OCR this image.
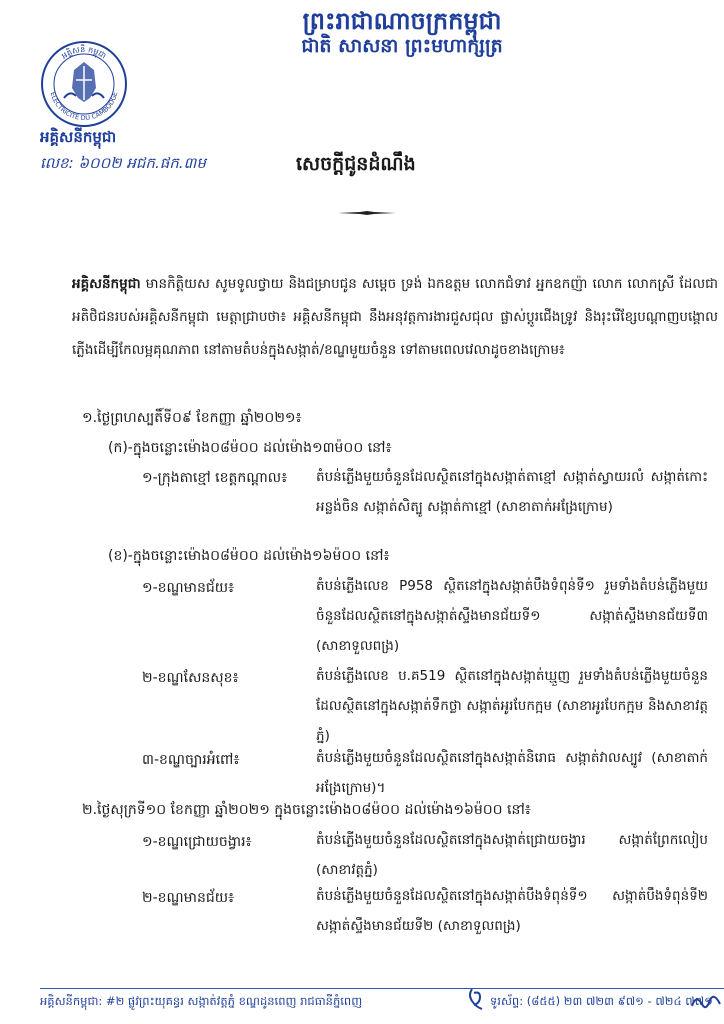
ព្រះរាជាណាចក្រកម្ពុជា
ជាតិ សាសនា ព្រះមហាក្សត្រ
អគ្គិសនី កម្ពុជា
ELECTRICITE DU CAMBODGE
អគ្គិសនីកម្ពុជា
លេខ: ៦០០២ អជក.ផក.៣ម	សេចក្តីជូនដំណឹង
អគ្គិសនីកម្ពុជា មានកិត្តិយស សូមទូលថ្វាយ និងជម្រាបជូន សម្តេច ទ្រង់ ឯកឧត្តម លោកជំទាវ អ្នកឧកញ៉ា លោក លោកស្រី ដែលជាអតិថិជនរបស់អគ្គិសនីកម្ពុជា មេត្តាជ្រាបថា៖ អគ្គិសនីកម្ពុជា នឹងអនុវត្តការងារជួសជុល ផ្លាស់ប្តូរជើងទ្រូវ និងរុះរើខ្សែបណ្តាញបង្គោលភ្លើងដើម្បីកែលម្អគុណភាព នៅតាមតំបន់ក្នុងសង្កាត់/ខណ្ឌមួយចំនួន ទៅតាមពេលវេលាដូចខាងក្រោម៖
១.ថ្ងៃព្រហស្បតិ៍ទី០៩ ខែកញ្ញា ឆ្នាំ២០២១៖
(ក)-ក្នុងចន្លោះម៉ោង០៨ម៉០០ ដល់ម៉ោង១៣ម៉០០ នៅ៖
១-ក្រុងតាខ្មៅ ខេត្តកណ្តាល៖ តំបន់ភ្លើងមួយចំនួនដែលស្ថិតនៅក្នុងសង្កាត់តាខ្មៅ សង្កាត់ស្វាយរលំ សង្កាត់កោះអន្លង់ចិន សង្កាត់សិត្បូ សង្កាត់កាខ្មៅ (សាខាតាក់អង្រែក្រោម)
(ខ)-ក្នុងចន្លោះម៉ោង០៨ម៉០០ ដល់ម៉ោង១៦ម៉០០ នៅ៖
១-ខណ្ឌមានជ័យ៖	តំបន់ភ្លើងលេខ P958 ស្ថិតនៅក្នុងសង្កាត់បឹងទំពុន់ទី១ រួមទាំងតំបន់ភ្លើងមួយចំនួនដែលស្ថិតនៅក្នុងសង្កាត់ស្ទឹងមានជ័យទី១ សង្កាត់ស្ទឹងមានជ័យទី៣ (សាខាទួលពង្រ)
២-ខណ្ឌសែនសុខ៖	តំបន់ភ្លើងលេខ ប.គ519 ស្ថិតនៅក្នុងសង្កាត់ឃ្មួញ រួមទាំងតំបន់ភ្លើងមួយចំនួនដែលស្ថិតនៅក្នុងសង្កាត់ទឹកថ្លា សង្កាត់អូរបែកក្អម (សាខាអូរបែកក្អម និងសាខាវត្តភ្នំ)
៣-ខណ្ឌច្បារអំពៅ៖	តំបន់ភ្លើងមួយចំនួនដែលស្ថិតនៅក្នុងសង្កាត់និរោធ សង្កាត់វាលស្បូវ (សាខាតាក់អង្រែក្រោម)។
២.ថ្ងៃសុក្រទី១០ ខែកញ្ញា ឆ្នាំ២០២១ ក្នុងចន្លោះម៉ោង០៨ម៉០០ ដល់ម៉ោង១៦ម៉០០ នៅ៖
១-ខណ្ឌជ្រោយចង្វារ៖	តំបន់ភ្លើងមួយចំនួនដែលស្ថិតនៅក្នុងសង្កាត់ជ្រោយចង្វារ សង្កាត់ព្រែកលៀប (សាខាវត្តភ្នំ)
២-ខណ្ឌមានជ័យ៖	តំបន់ភ្លើងមួយចំនួនដែលស្ថិតនៅក្នុងសង្កាត់បឹងទំពុន់ទី១ សង្កាត់បឹងទំពុន់ទី២ សង្កាត់ស្ទឹងមានជ័យទី២ (សាខាទួលពង្រ)
អគ្គិសនីកម្ពុជា: #២ ផ្លូវព្រះយុគន្ធរ សង្កាត់វត្តភ្នំ ខណ្ឌដូនពេញ រាជធានីភ្នំពេញ	ទូរស័ព្ទ: (៨៥៥) ២៣ ៧២៣ ៩៧១ - ៧២៤ ៧៧១
